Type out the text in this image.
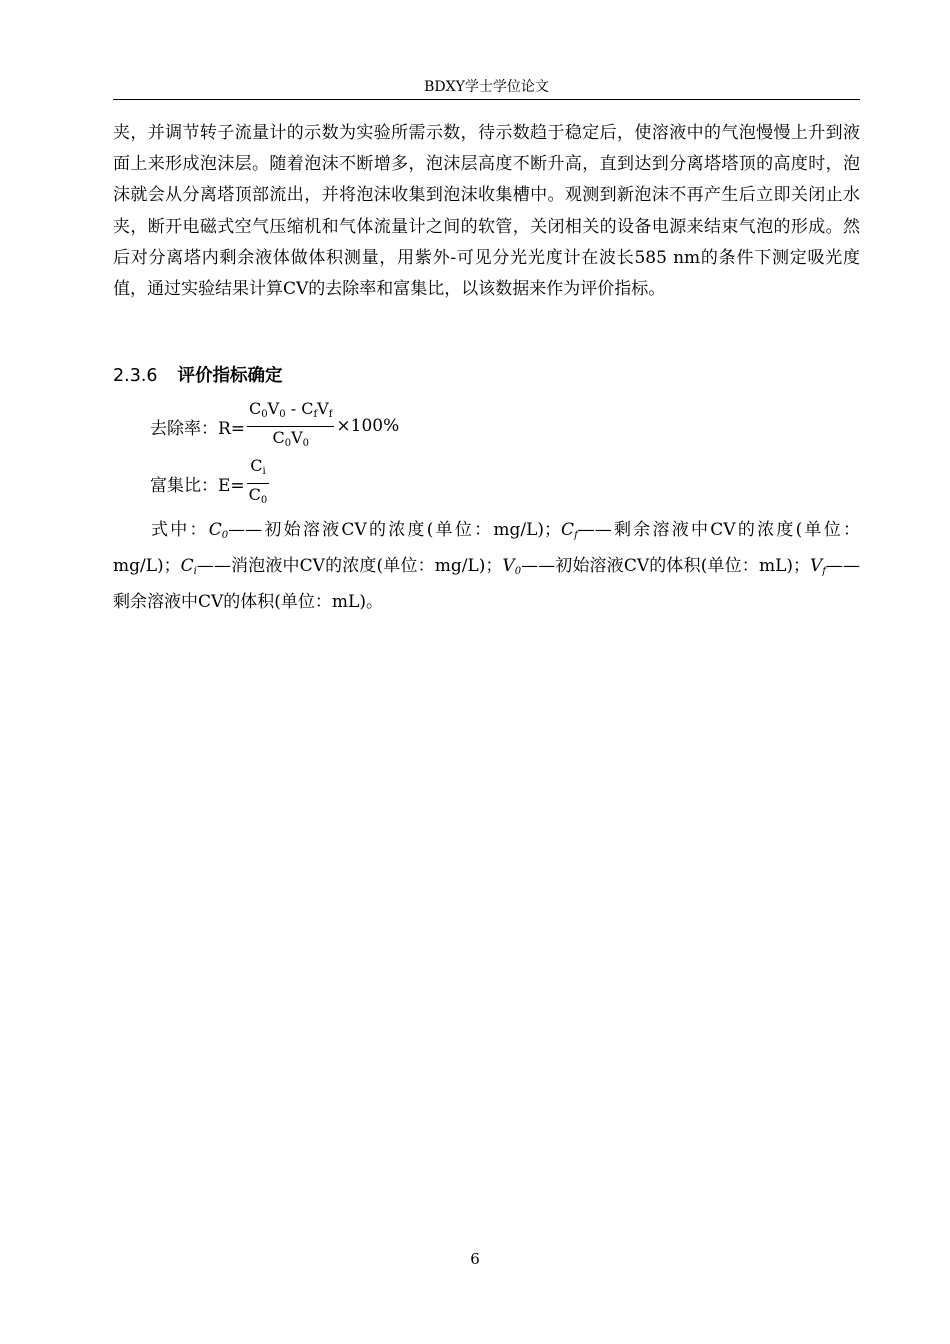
BDXY学士学位论文

夹，并调节转子流量计的示数为实验所需示数，待示数趋于稳定后，使溶液中的气泡慢慢上升到液面上来形成泡沫层。随着泡沫不断增多，泡沫层高度不断升高，直到达到分离塔塔顶的高度时，泡沫就会从分离塔顶部流出，并将泡沫收集到泡沫收集槽中。观测到新泡沫不再产生后立即关闭止水夹，断开电磁式空气压缩机和气体流量计之间的软管，关闭相关的设备电源来结束气泡的形成。然后对分离塔内剩余液体做体积测量，用紫外-可见分光光度计在波长585 nm的条件下测定吸光度值，通过实验结果计算CV的去除率和富集比，以该数据来作为评价指标。

2.3.6 评价指标确定
去除率：$R= \frac{C_0V_0 - C_fV_f}{C_0V_0} \times 100\%$
富集比：$E= \frac{C_i}{C_0}$

式中：$C_0——$初始溶液CV的浓度(单位：mg/L)；$C_f——$剩余溶液中CV的浓度(单位：mg/L)；$C_i——$消泡液中CV的浓度(单位：mg/L)；$V_0——$初始溶液CV的体积(单位：mL)；$V_f——$剩余溶液中CV的体积(单位：mL)。

6
